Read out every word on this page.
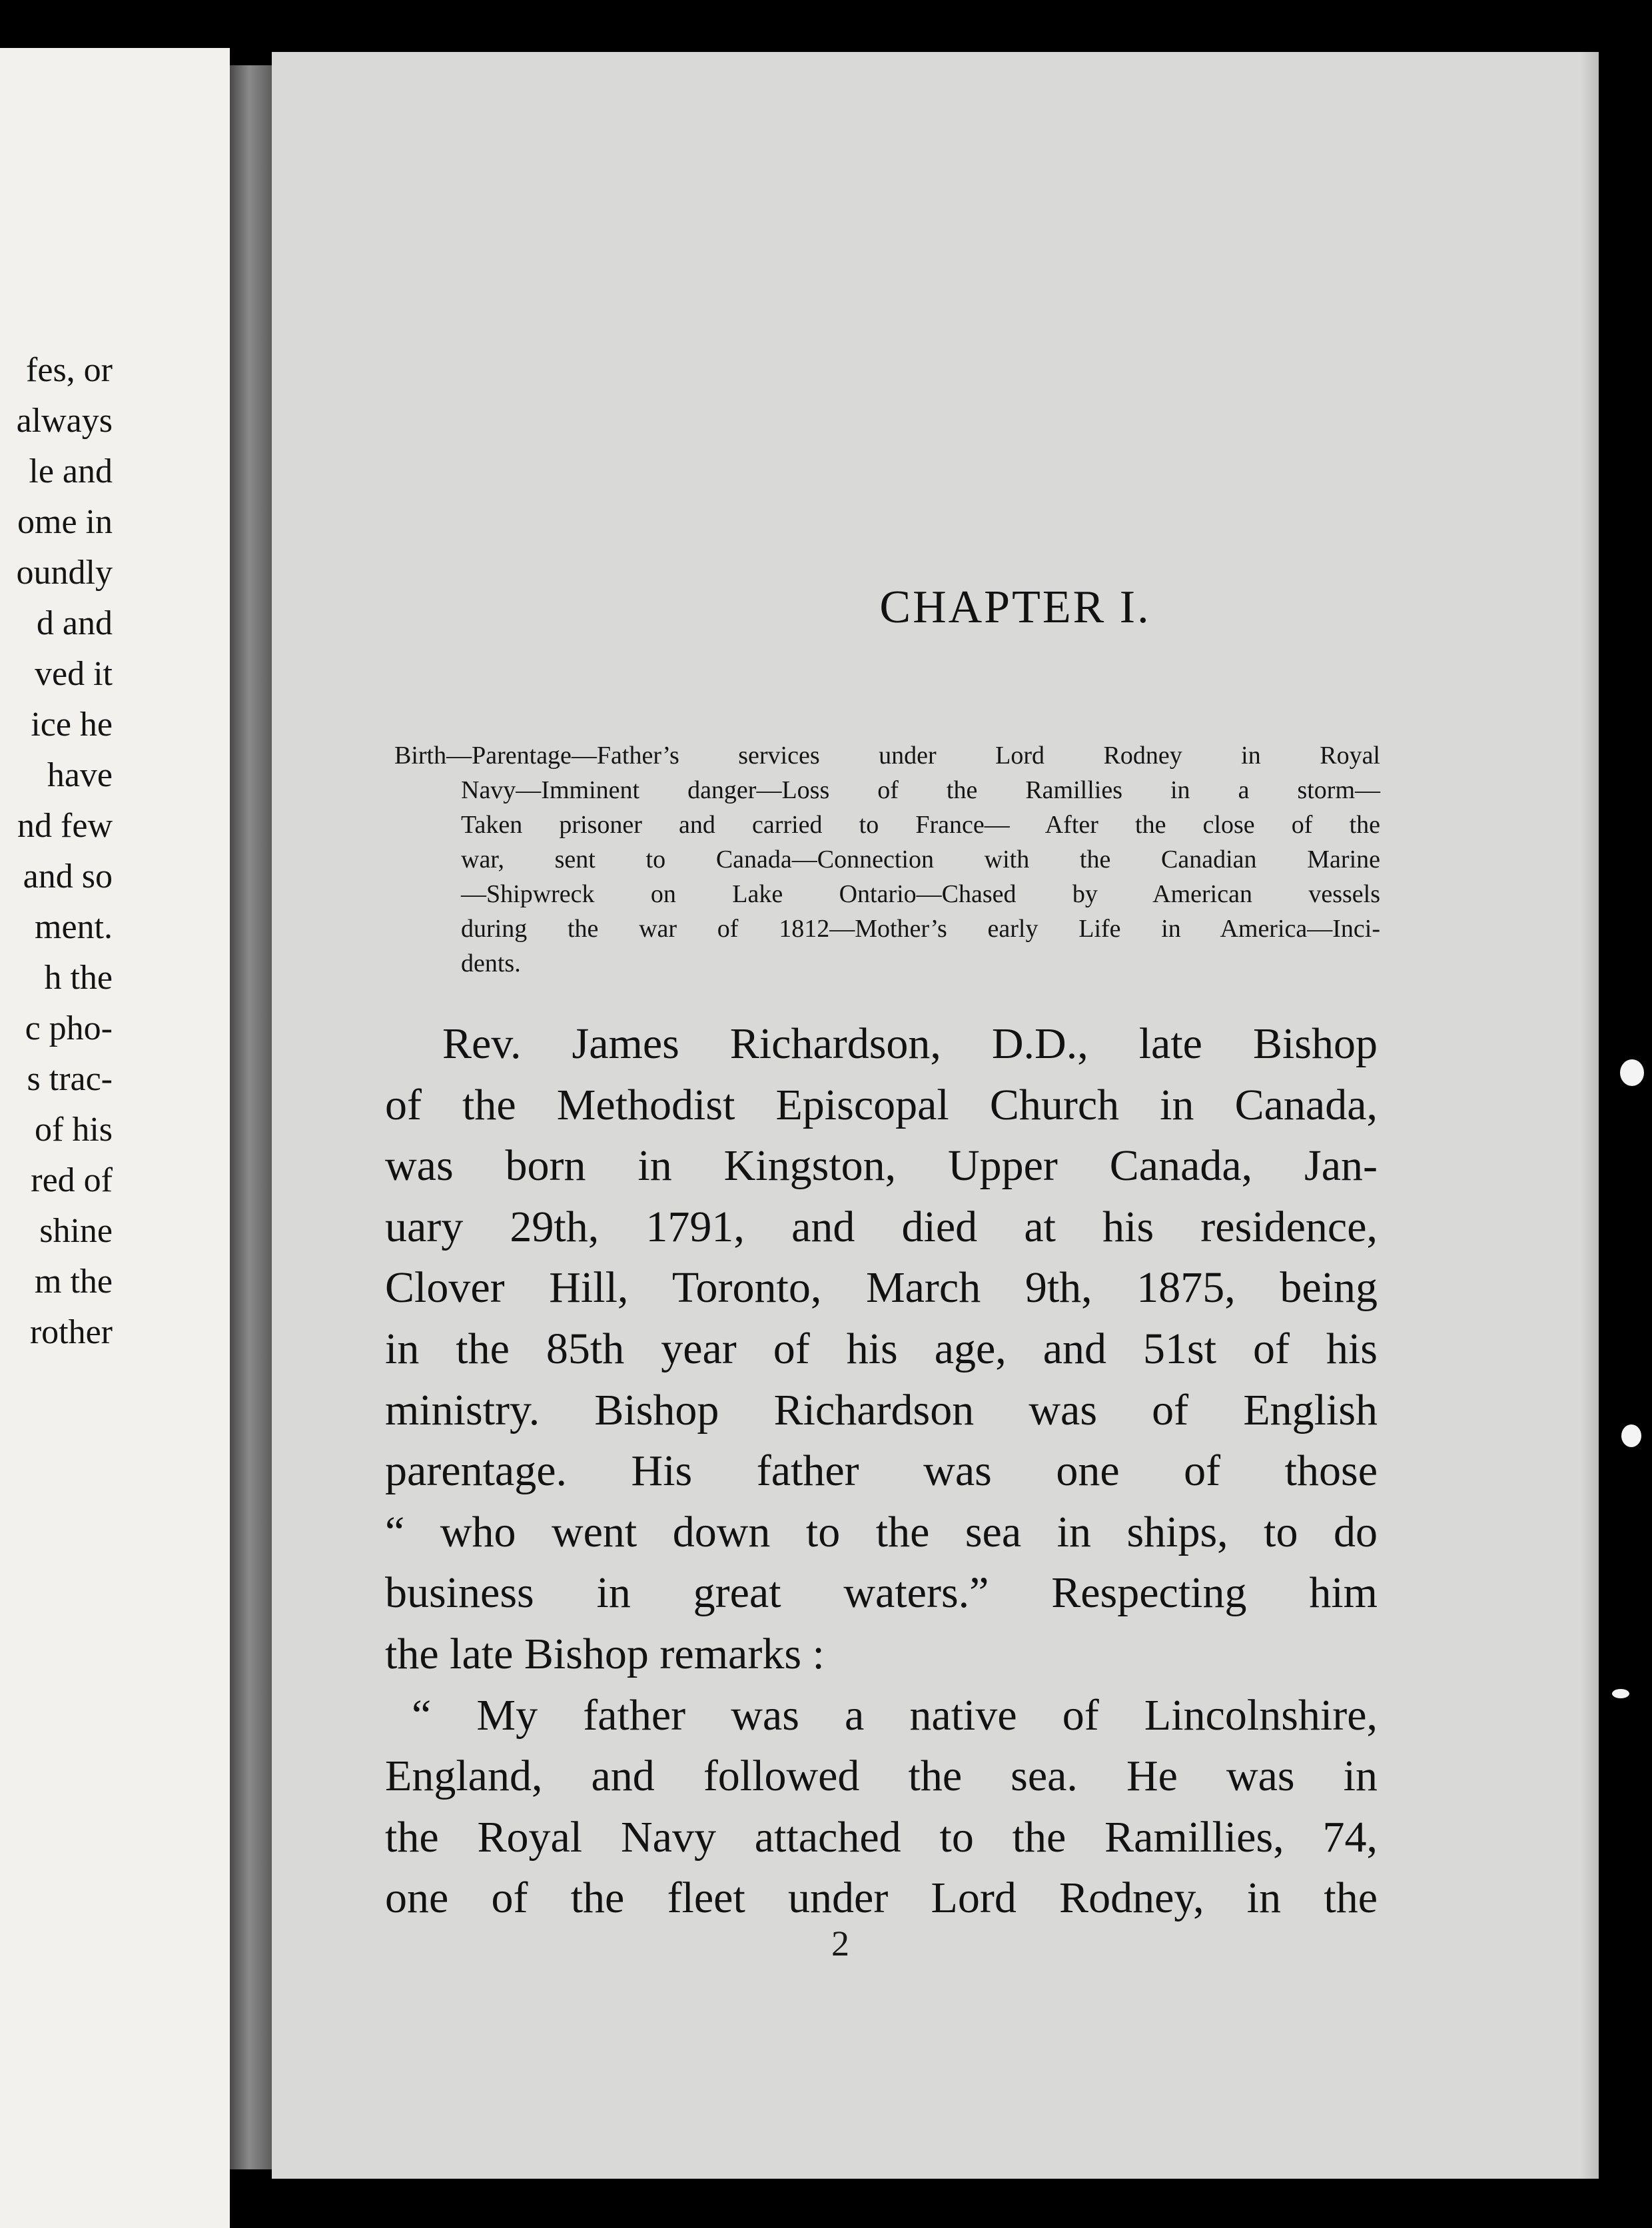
fes, or
always
le and
ome in
oundly
d and
ved it
ice he
have
nd few
and so
ment.
h the
c pho-
s trac-
of his
red of
shine
m the
rother
CHAPTER I.
Birth—Parentage—Father’s services under Lord Rodney in Royal
Navy—Imminent danger—Loss of the Ramillies in a storm—
Taken prisoner and carried to France— After the close of the
war, sent to Canada—Connection with the Canadian Marine
—Shipwreck on Lake Ontario—Chased by American vessels
during the war of 1812—Mother’s early Life in America—Inci-
dents.
Rev. James Richardson, D.D., late Bishop
of the Methodist Episcopal Church in Canada,
was born in Kingston, Upper Canada, Jan-
uary 29th, 1791, and died at his residence,
Clover Hill, Toronto, March 9th, 1875, being
in the 85th year of his age, and 51st of his
ministry. Bishop Richardson was of English
parentage. His father was one of those
“ who went down to the sea in ships, to do
business in great waters.” Respecting him
the late Bishop remarks :
“ My father was a native of Lincolnshire,
England, and followed the sea. He was in
the Royal Navy attached to the Ramillies, 74,
one of the fleet under Lord Rodney, in the
2
